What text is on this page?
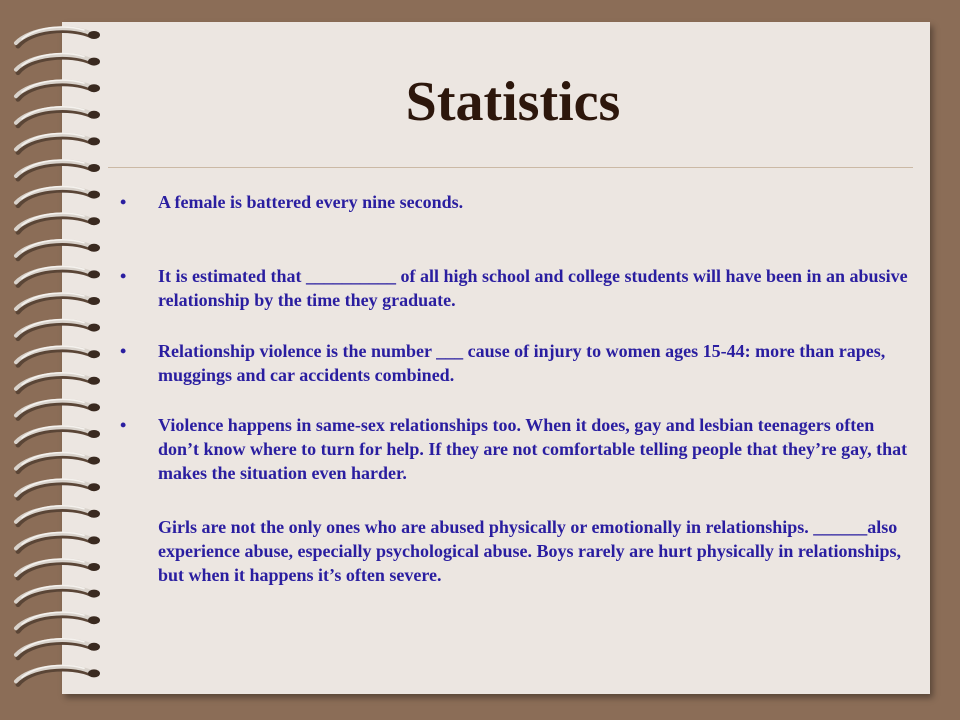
Statistics
•	A female is battered every nine seconds.
•	It is estimated that __________ of all high school and college students will have been in an abusive relationship by the time they graduate.
•	Relationship violence is the number ___ cause of injury to women ages 15-44: more than rapes, muggings and car accidents combined.
•	Violence happens in same-sex relationships too. When it does, gay and lesbian teenagers often don’t know where to turn for help. If they are not comfortable telling people that they’re gay, that makes the situation even harder.
Girls are not the only ones who are abused physically or emotionally in relationships. ______also experience abuse, especially psychological abuse. Boys rarely are hurt physically in relationships, but when it happens it’s often severe.
